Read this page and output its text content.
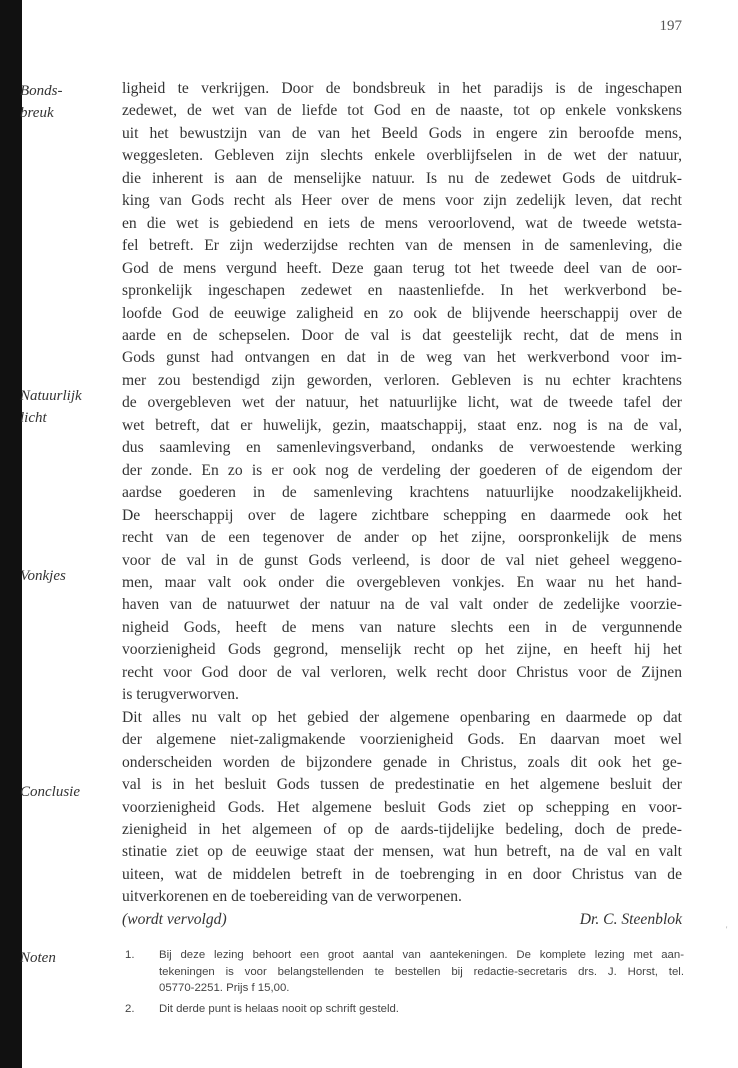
197
Bonds-
breuk
Natuurlijk
licht
Vonkjes
Conclusie
Noten

ligheid te verkrijgen. Door de bondsbreuk in het paradijs is de ingeschapen
zedewet, de wet van de liefde tot God en de naaste, tot op enkele vonkskens
uit het bewustzijn van de van het Beeld Gods in engere zin beroofde mens,
weggesleten. Gebleven zijn slechts enkele overblijfselen in de wet der natuur,
die inherent is aan de menselijke natuur. Is nu de zedewet Gods de uitdruk-
king van Gods recht als Heer over de mens voor zijn zedelijk leven, dat recht
en die wet is gebiedend en iets de mens veroorlovend, wat de tweede wetsta-
fel betreft. Er zijn wederzijdse rechten van de mensen in de samenleving, die
God de mens vergund heeft. Deze gaan terug tot het tweede deel van de oor-
spronkelijk ingeschapen zedewet en naastenliefde. In het werkverbond be-
loofde God de eeuwige zaligheid en zo ook de blijvende heerschappij over de
aarde en de schepselen. Door de val is dat geestelijk recht, dat de mens in
Gods gunst had ontvangen en dat in de weg van het werkverbond voor im-
mer zou bestendigd zijn geworden, verloren. Gebleven is nu echter krachtens
de overgebleven wet der natuur, het natuurlijke licht, wat de tweede tafel der
wet betreft, dat er huwelijk, gezin, maatschappij, staat enz. nog is na de val,
dus saamleving en samenlevingsverband, ondanks de verwoestende werking
der zonde. En zo is er ook nog de verdeling der goederen of de eigendom der
aardse goederen in de samenleving krachtens natuurlijke noodzakelijkheid.
De heerschappij over de lagere zichtbare schepping en daarmede ook het
recht van de een tegenover de ander op het zijne, oorspronkelijk de mens
voor de val in de gunst Gods verleend, is door de val niet geheel weggeno-
men, maar valt ook onder die overgebleven vonkjes. En waar nu het hand-
haven van de natuurwet der natuur na de val valt onder de zedelijke voorzie-
nigheid Gods, heeft de mens van nature slechts een in de vergunnende
voorzienigheid Gods gegrond, menselijk recht op het zijne, en heeft hij het
recht voor God door de val verloren, welk recht door Christus voor de Zijnen
is terugverworven.

Dit alles nu valt op het gebied der algemene openbaring en daarmede op dat
der algemene niet-zaligmakende voorzienigheid Gods. En daarvan moet wel
onderscheiden worden de bijzondere genade in Christus, zoals dit ook het ge-
val is in het besluit Gods tussen de predestinatie en het algemene besluit der
voorzienigheid Gods. Het algemene besluit Gods ziet op schepping en voor-
zienigheid in het algemeen of op de aards-tijdelijke bedeling, doch de prede-
stinatie ziet op de eeuwige staat der mensen, wat hun betreft, na de val en valt
uiteen, wat de middelen betreft in de toebrenging in en door Christus van de
uitverkorenen en de toebereiding van de verworpenen.

(wordt vervolgd)	Dr. C. Steenblok
1. Bij deze lezing behoort een groot aantal van aantekeningen. De komplete lezing met aan-
tekeningen is voor belangstellenden te bestellen bij redactie-secretaris drs. J. Horst, tel.
05770-2251. Prijs f 15,00.
2. Dit derde punt is helaas nooit op schrift gesteld.
'
